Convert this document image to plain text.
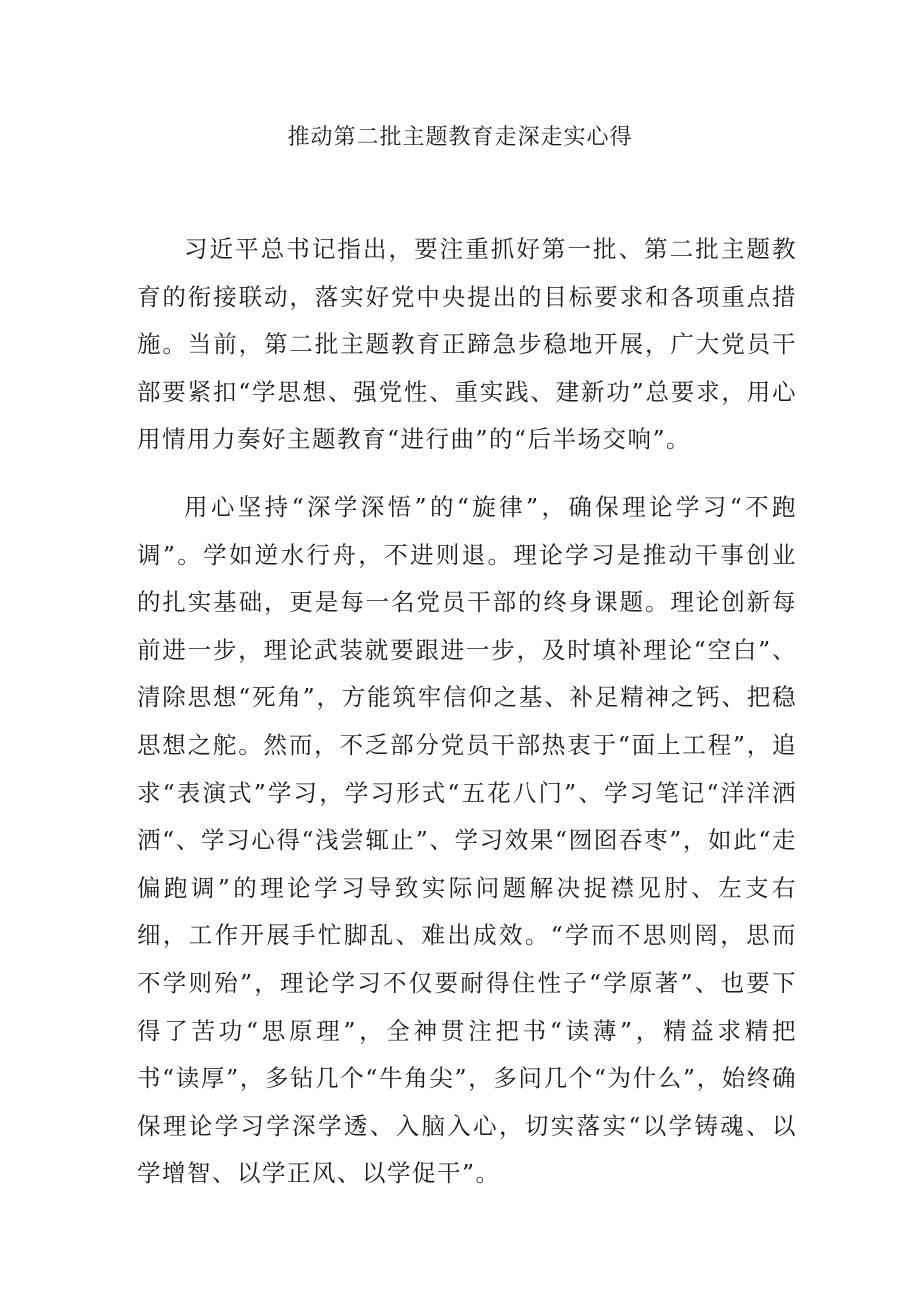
推动第二批主题教育走深走实心得

习近平总书记指出，要注重抓好第一批、第二批主题教育的衔接联动，落实好党中央提出的目标要求和各项重点措施。当前，第二批主题教育正蹄急步稳地开展，广大党员干部要紧扣“学思想、强党性、重实践、建新功”总要求，用心用情用力奏好主题教育“进行曲”的“后半场交响”。

用心坚持“深学深悟”的“旋律”，确保理论学习“不跑调”。学如逆水行舟，不进则退。理论学习是推动干事创业的扎实基础，更是每一名党员干部的终身课题。理论创新每前进一步，理论武装就要跟进一步，及时填补理论“空白”、清除思想“死角”，方能筑牢信仰之基、补足精神之钙、把稳思想之舵。然而，不乏部分党员干部热衷于“面上工程”，追求“表演式”学习，学习形式“五花八门”、学习笔记“洋洋洒洒“、学习心得“浅尝辄止”、学习效果“囫囵吞枣”，如此“走偏跑调”的理论学习导致实际问题解决捉襟见肘、左支右细，工作开展手忙脚乱、难出成效。“学而不思则罔，思而不学则殆”，理论学习不仅要耐得住性子“学原著”、也要下得了苦功“思原理”，全神贯注把书“读薄”，精益求精把书“读厚”，多钻几个“牛角尖”，多问几个“为什么”，始终确保理论学习学深学透、入脑入心，切实落实“以学铸魂、以学增智、以学正风、以学促干”。
